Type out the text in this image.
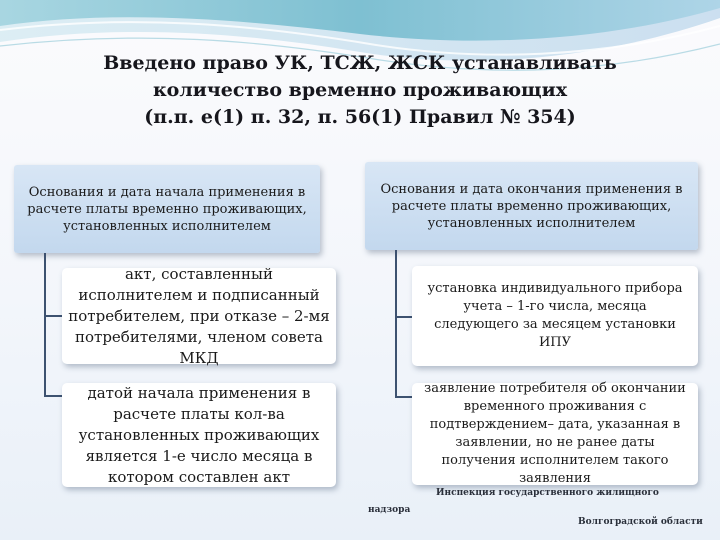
Введено право УК, ТСЖ, ЖСК устанавливать
количество временно проживающих
(п.п. е(1) п. 32, п. 56(1) Правил № 354)
Основания и дата начала применения в расчете платы временно проживающих, установленных исполнителем
Основания и дата окончания применения в расчете платы временно проживающих, установленных исполнителем
акт, составленный исполнителем и подписанный потребителем, при отказе – 2-мя потребителями, членом совета МКД
датой начала применения в расчете платы кол-ва установленных проживающих является 1-е число месяца в котором составлен акт
установка индивидуального прибора учета – 1-го числа, месяца следующего за месяцем установки ИПУ
заявление потребителя об окончании временного проживания с подтверждением– дата, указанная в заявлении, но не ранее даты получения исполнителем такого заявления
Инспекция государственного жилищного
надзора
Волгоградской области
